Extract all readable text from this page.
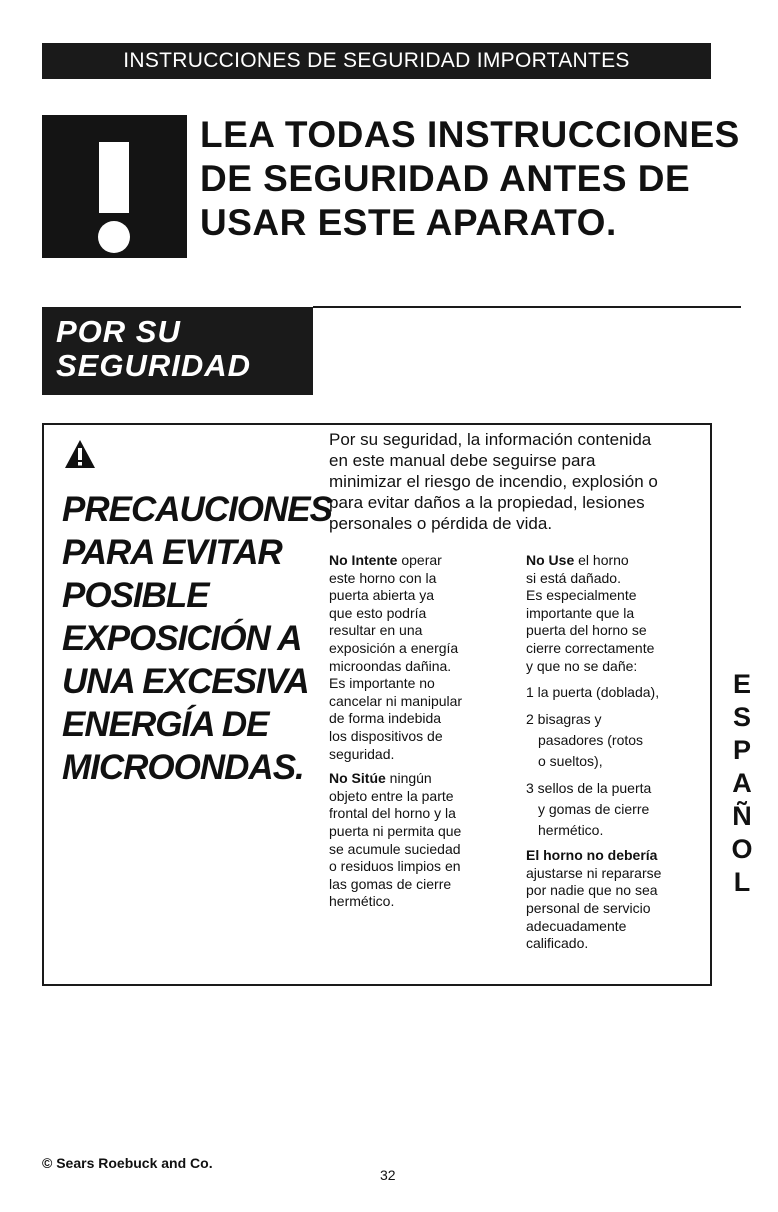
INSTRUCCIONES DE SEGURIDAD IMPORTANTES
LEA TODAS INSTRUCCIONES
DE SEGURIDAD ANTES DE
USAR ESTE APARATO.
POR SU
SEGURIDAD
PRECAUCIONES
PARA EVITAR
POSIBLE
EXPOSICIÓN A
UNA EXCESIVA
ENERGÍA DE
MICROONDAS.

Por su seguridad, la información contenida
en este manual debe seguirse para
minimizar el riesgo de incendio, explosión o
para evitar daños a la propiedad, lesiones
personales o pérdida de vida.

No Intente operar
este horno con la
puerta abierta ya
que esto podría
resultar en una
exposición a energía
microondas dañina.
Es importante no
cancelar ni manipular
de forma indebida
los dispositivos de
seguridad.

No Sitúe ningún
objeto entre la parte
frontal del horno y la
puerta ni permita que
se acumule suciedad
o residuos limpios en
las gomas de cierre
hermético.

No Use el horno
si está dañado.
Es especialmente
importante que la
puerta del horno se
cierre correctamente
y que no se dañe:

1 la puerta (doblada),
2 bisagras y
pasadores (rotos
o sueltos),
3 sellos de la puerta
y gomas de cierre
hermético.

El horno no debería
ajustarse ni repararse
por nadie que no sea
personal de servicio
adecuadamente
calificado.

E
S
P
A
Ñ
O
L
© Sears Roebuck and Co.
32
